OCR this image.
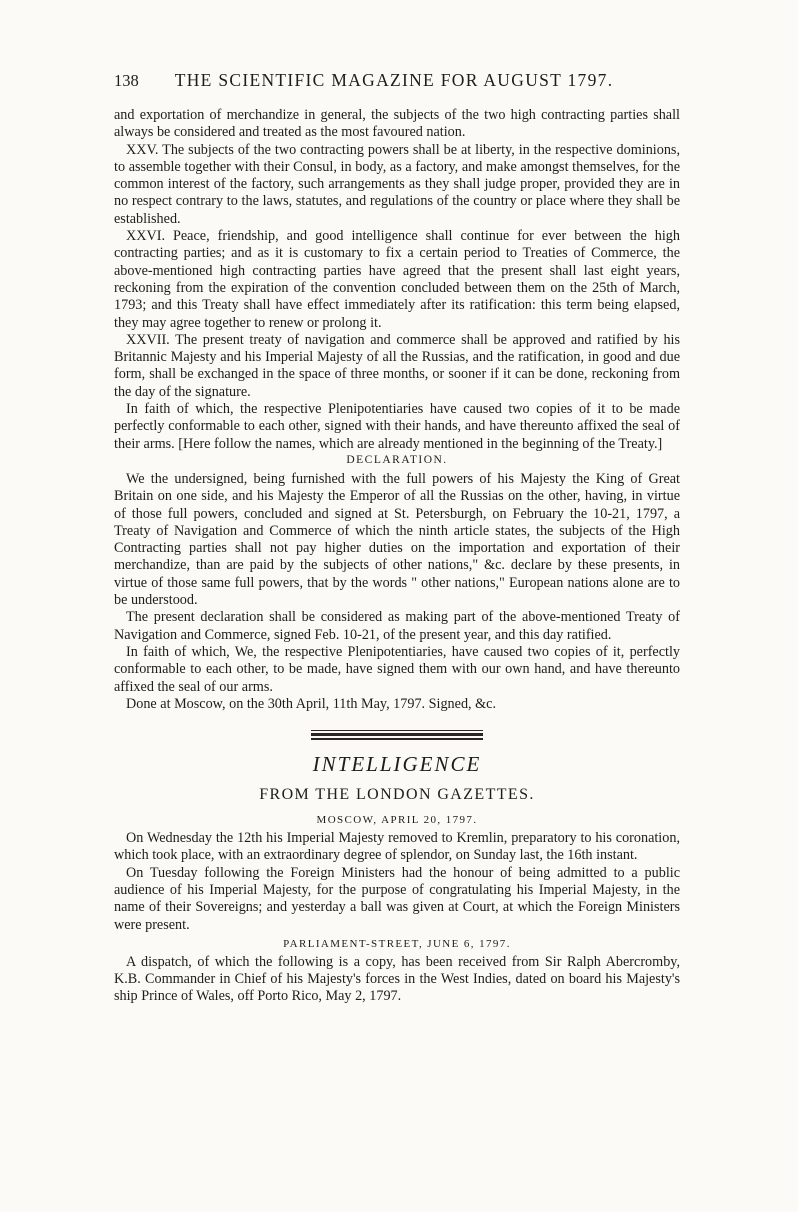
138 THE SCIENTIFIC MAGAZINE FOR AUGUST 1797.

and exportation of merchandize in general, the subjects of the two high contracting parties shall always be considered and treated as the most favoured nation.

XXV. The subjects of the two contracting powers shall be at liberty, in the respective dominions, to assemble together with their Consul, in body, as a factory, and make amongst themselves, for the common interest of the factory, such arrangements as they shall judge proper, provided they are in no respect contrary to the laws, statutes, and regulations of the country or place where they shall be established.

XXVI. Peace, friendship, and good intelligence shall continue for ever between the high contracting parties; and as it is customary to fix a certain period to Treaties of Commerce, the above-mentioned high contracting parties have agreed that the present shall last eight years, reckoning from the expiration of the convention concluded between them on the 25th of March, 1793; and this Treaty shall have effect immediately after its ratification: this term being elapsed, they may agree together to renew or prolong it.

XXVII. The present treaty of navigation and commerce shall be approved and ratified by his Britannic Majesty and his Imperial Majesty of all the Russias, and the ratification, in good and due form, shall be exchanged in the space of three months, or sooner if it can be done, reckoning from the day of the signature.

In faith of which, the respective Plenipotentiaries have caused two copies of it to be made perfectly conformable to each other, signed with their hands, and have thereunto affixed the seal of their arms. [Here follow the names, which are already mentioned in the beginning of the Treaty.]

DECLARATION.

We the undersigned, being furnished with the full powers of his Majesty the King of Great Britain on one side, and his Majesty the Emperor of all the Russias on the other, having, in virtue of those full powers, concluded and signed at St. Petersburgh, on February the 10-21, 1797, a Treaty of Navigation and Commerce of which the ninth article states, the subjects of the High Contracting parties shall not pay higher duties on the importation and exportation of their merchandize, than are paid by the subjects of other nations," &c. declare by these presents, in virtue of those same full powers, that by the words " other nations," European nations alone are to be understood.

The present declaration shall be considered as making part of the above-mentioned Treaty of Navigation and Commerce, signed Feb. 10-21, of the present year, and this day ratified.

In faith of which, We, the respective Plenipotentiaries, have caused two copies of it, perfectly conformable to each other, to be made, have signed them with our own hand, and have thereunto affixed the seal of our arms.

Done at Moscow, on the 30th April, 11th May, 1797. Signed, &c.

INTELLIGENCE
FROM THE LONDON GAZETTES.
MOSCOW, APRIL 20, 1797.

On Wednesday the 12th his Imperial Majesty removed to Kremlin, preparatory to his coronation, which took place, with an extraordinary degree of splendor, on Sunday last, the 16th instant.

On Tuesday following the Foreign Ministers had the honour of being admitted to a public audience of his Imperial Majesty, for the purpose of congratulating his Imperial Majesty, in the name of their Sovereigns; and yesterday a ball was given at Court, at which the Foreign Ministers were present.

PARLIAMENT-STREET, JUNE 6, 1797.

A dispatch, of which the following is a copy, has been received from Sir Ralph Abercromby, K.B. Commander in Chief of his Majesty's forces in the West Indies, dated on board his Majesty's ship Prince of Wales, off Porto Rico, May 2, 1797.
